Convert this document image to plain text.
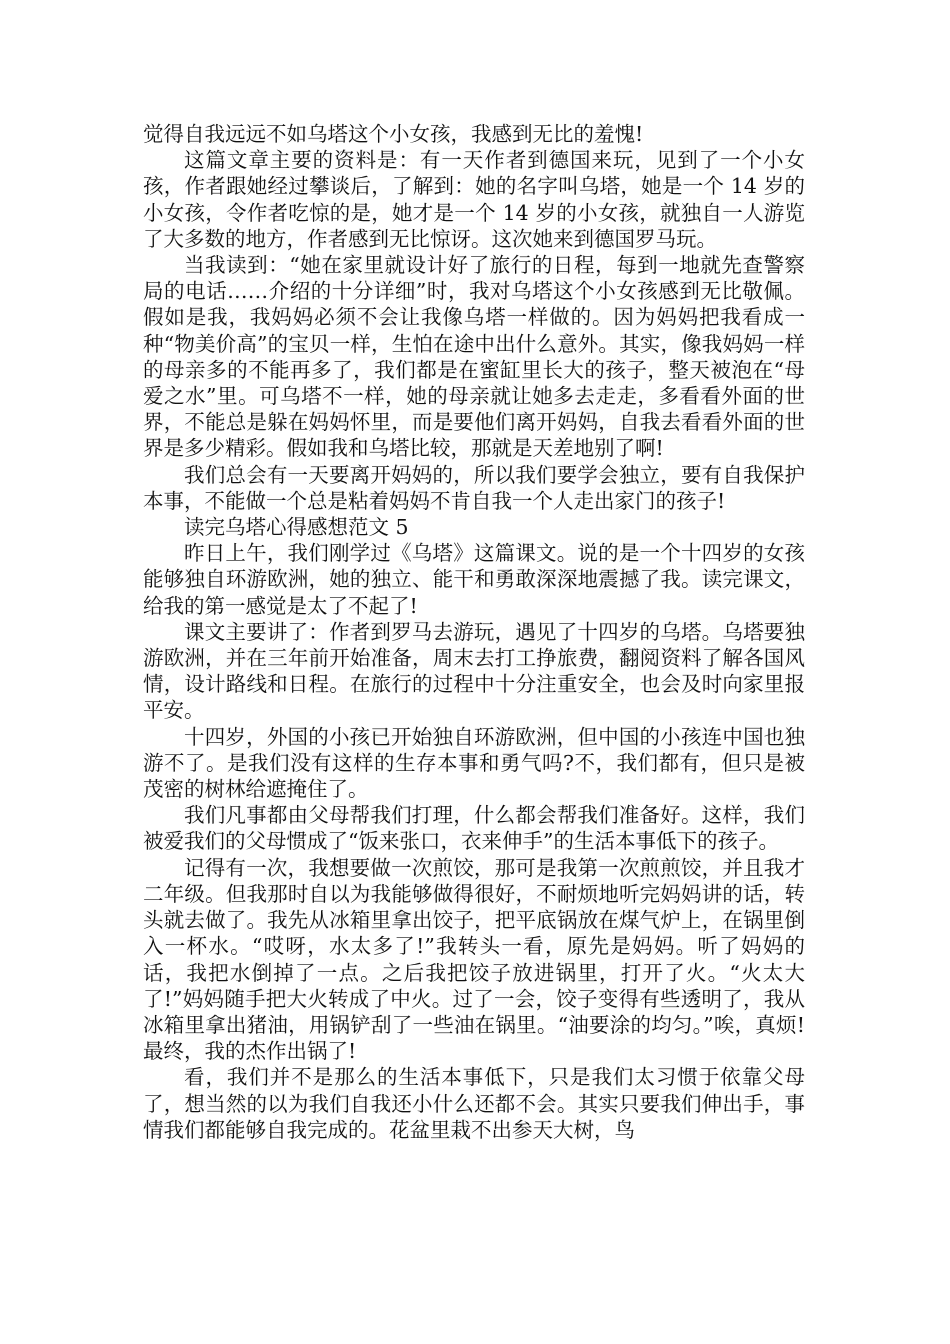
觉得自我远远不如乌塔这个小女孩，我感到无比的羞愧!

这篇文章主要的资料是：有一天作者到德国来玩，见到了一个小女孩，作者跟她经过攀谈后，了解到：她的名字叫乌塔，她是一个 14 岁的小女孩，令作者吃惊的是，她才是一个 14 岁的小女孩，就独自一人游览了大多数的地方，作者感到无比惊讶。这次她来到德国罗马玩。

当我读到：“她在家里就设计好了旅行的日程，每到一地就先查警察局的电话……介绍的十分详细”时，我对乌塔这个小女孩感到无比敬佩。假如是我，我妈妈必须不会让我像乌塔一样做的。因为妈妈把我看成一种“物美价高”的宝贝一样，生怕在途中出什么意外。其实，像我妈妈一样的母亲多的不能再多了，我们都是在蜜缸里长大的孩子，整天被泡在“母爱之水”里。可乌塔不一样，她的母亲就让她多去走走，多看看外面的世界，不能总是躲在妈妈怀里，而是要他们离开妈妈，自我去看看外面的世界是多少精彩。假如我和乌塔比较，那就是天差地别了啊!

我们总会有一天要离开妈妈的，所以我们要学会独立，要有自我保护本事，不能做一个总是粘着妈妈不肯自我一个人走出家门的孩子!

读完乌塔心得感想范文 5

昨日上午，我们刚学过《乌塔》这篇课文。说的是一个十四岁的女孩能够独自环游欧洲，她的独立、能干和勇敢深深地震撼了我。读完课文，给我的第一感觉是太了不起了!

课文主要讲了：作者到罗马去游玩，遇见了十四岁的乌塔。乌塔要独游欧洲，并在三年前开始准备，周末去打工挣旅费，翻阅资料了解各国风情，设计路线和日程。在旅行的过程中十分注重安全，也会及时向家里报平安。

十四岁，外国的小孩已开始独自环游欧洲，但中国的小孩连中国也独游不了。是我们没有这样的生存本事和勇气吗?不，我们都有，但只是被茂密的树林给遮掩住了。

我们凡事都由父母帮我们打理，什么都会帮我们准备好。这样，我们被爱我们的父母惯成了“饭来张口，衣来伸手”的生活本事低下的孩子。

记得有一次，我想要做一次煎饺，那可是我第一次煎煎饺，并且我才二年级。但我那时自以为我能够做得很好，不耐烦地听完妈妈讲的话，转头就去做了。我先从冰箱里拿出饺子，把平底锅放在煤气炉上，在锅里倒入一杯水。“哎呀，水太多了!”我转头一看，原先是妈妈。听了妈妈的话，我把水倒掉了一点。之后我把饺子放进锅里，打开了火。“火太大了!”妈妈随手把大火转成了中火。过了一会，饺子变得有些透明了，我从冰箱里拿出猪油，用锅铲刮了一些油在锅里。“油要涂的均匀。”唉，真烦!最终，我的杰作出锅了!

看，我们并不是那么的生活本事低下，只是我们太习惯于依靠父母了，想当然的以为我们自我还小什么还都不会。其实只要我们伸出手，事情我们都能够自我完成的。花盆里栽不出参天大树，鸟
